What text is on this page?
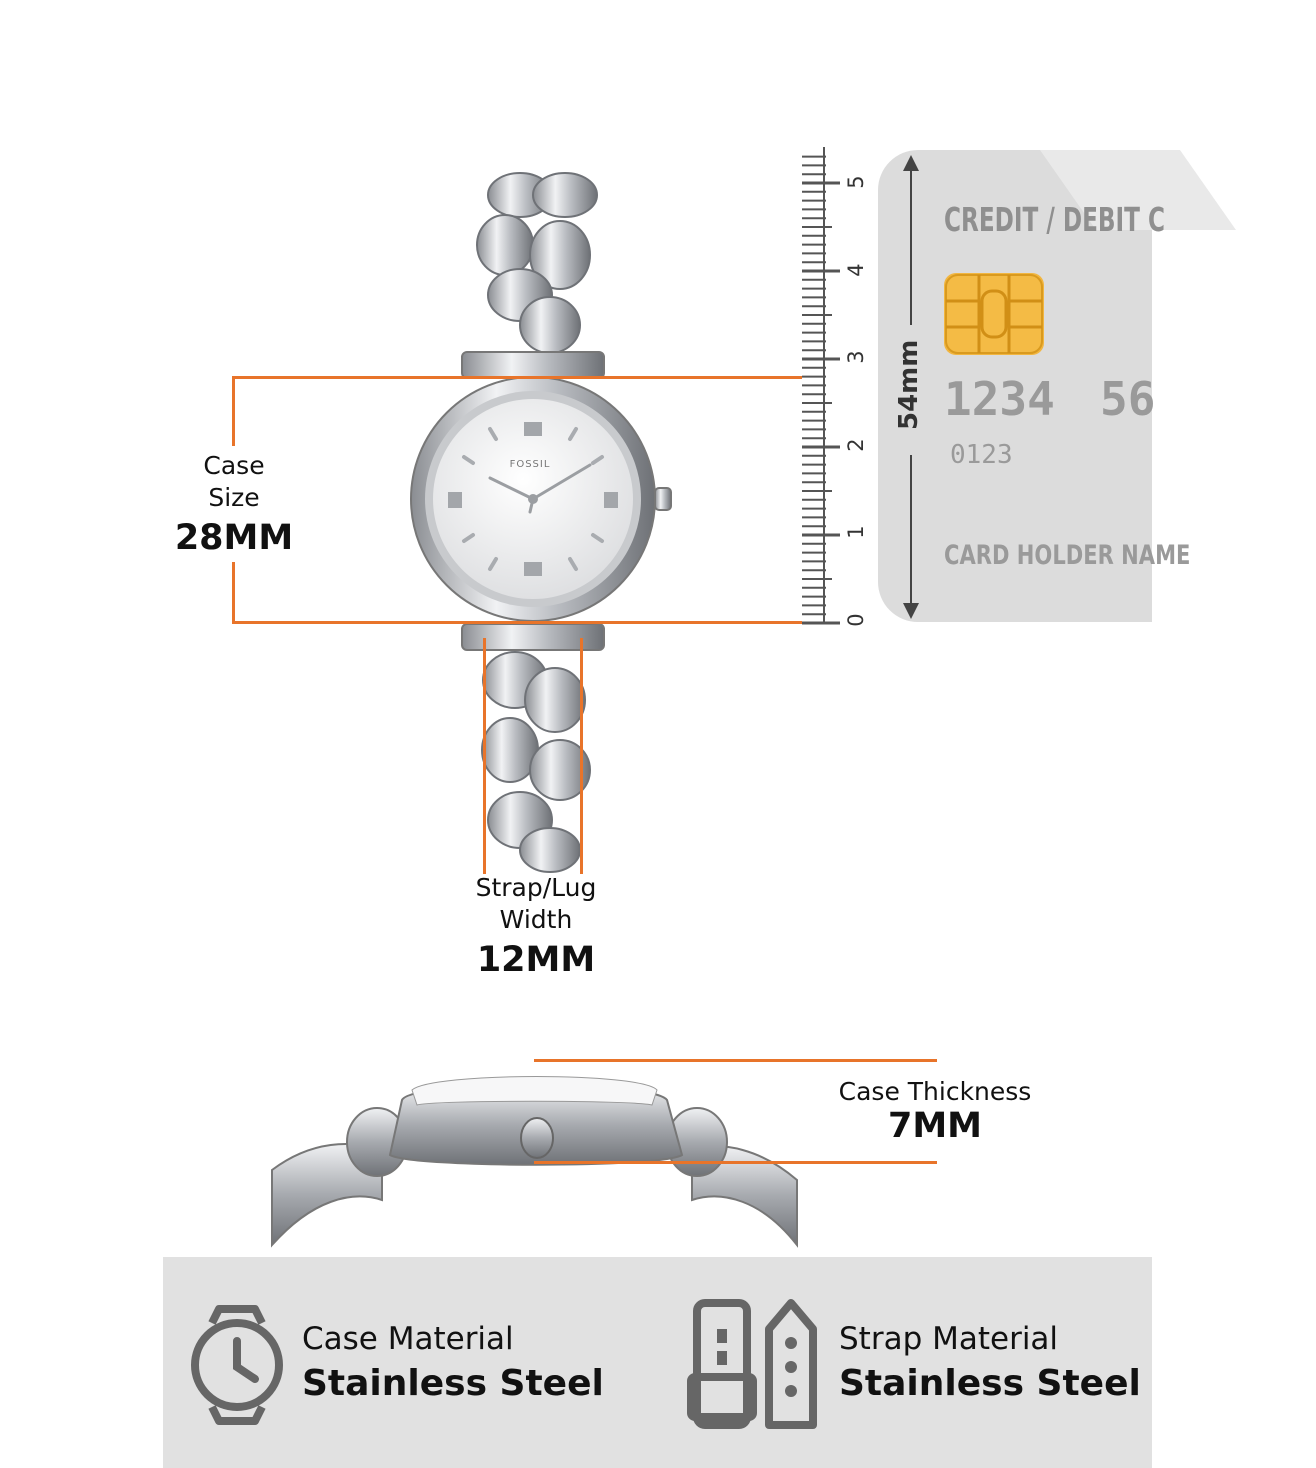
FOSSIL
Case
Size
28MM
Strap/Lug
Width
12MM
0
1
2
3
4
5
CREDIT / DEBIT C
1234 56
0123
CARD HOLDER NAME
54mm
Case Thickness
7MM
Case Material
Stainless Steel
Strap Material
Stainless Steel
